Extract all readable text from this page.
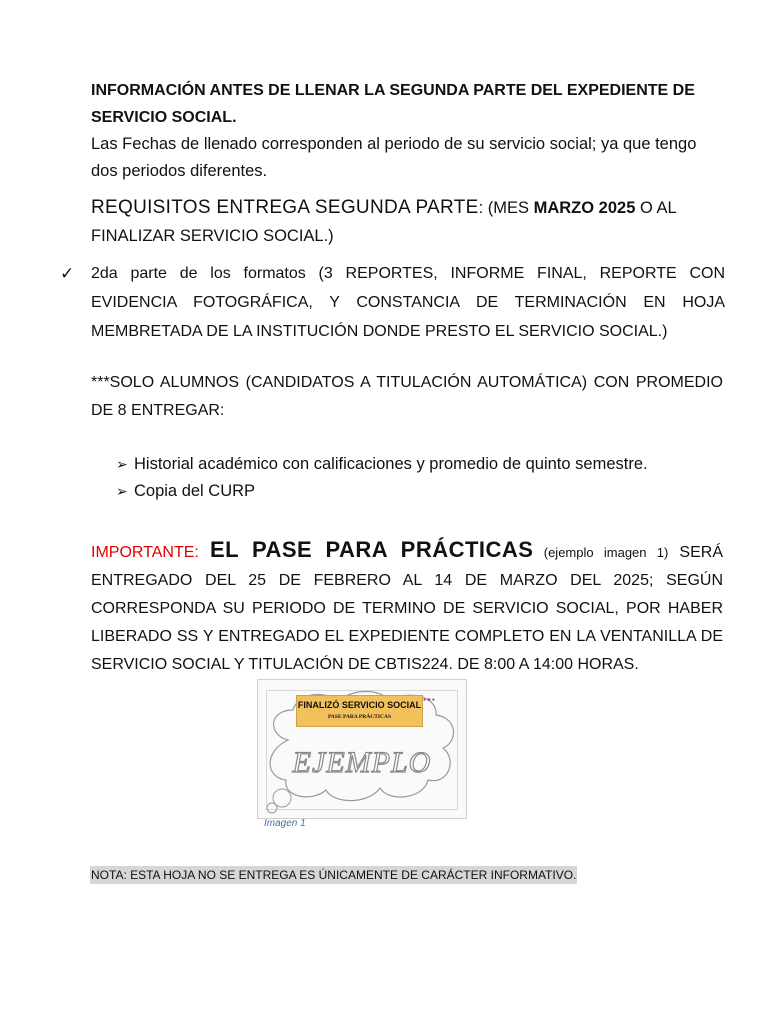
INFORMACIÓN ANTES DE LLENAR LA SEGUNDA PARTE DEL EXPEDIENTE DE SERVICIO SOCIAL.

Las Fechas de llenado corresponden al periodo de su servicio social; ya que tengo dos periodos diferentes.

REQUISITOS ENTREGA SEGUNDA PARTE: (MES MARZO 2025 O AL FINALIZAR SERVICIO SOCIAL.)

✓ 2da parte de los formatos (3 REPORTES, INFORME FINAL, REPORTE CON EVIDENCIA FOTOGRÁFICA, Y CONSTANCIA DE TERMINACIÓN EN HOJA MEMBRETADA DE LA INSTITUCIÓN DONDE PRESTO EL SERVICIO SOCIAL.)

***SOLO ALUMNOS (CANDIDATOS A TITULACIÓN AUTOMÁTICA) CON PROMEDIO DE 8 ENTREGAR:

➢ Historial académico con calificaciones y promedio de quinto semestre.
➢ Copia del CURP

IMPORTANTE: EL PASE PARA PRÁCTICAS (ejemplo imagen 1) SERÁ ENTREGADO DEL 25 DE FEBRERO AL 14 DE MARZO DEL 2025; SEGÚN CORRESPONDA SU PERIODO DE TERMINO DE SERVICIO SOCIAL, POR HABER LIBERADO SS Y ENTREGADO EL EXPEDIENTE COMPLETO EN LA VENTANILLA DE SERVICIO SOCIAL Y TITULACIÓN DE CBTIS224. DE 8:00 A 14:00 HORAS.

FINALIZÓ SERVICIO SOCIAL
PASE PARA PRÁCTICAS
● ■ ●
EJEMPLO
Imagen 1

NOTA: ESTA HOJA NO SE ENTREGA ES ÚNICAMENTE DE CARÁCTER INFORMATIVO.
